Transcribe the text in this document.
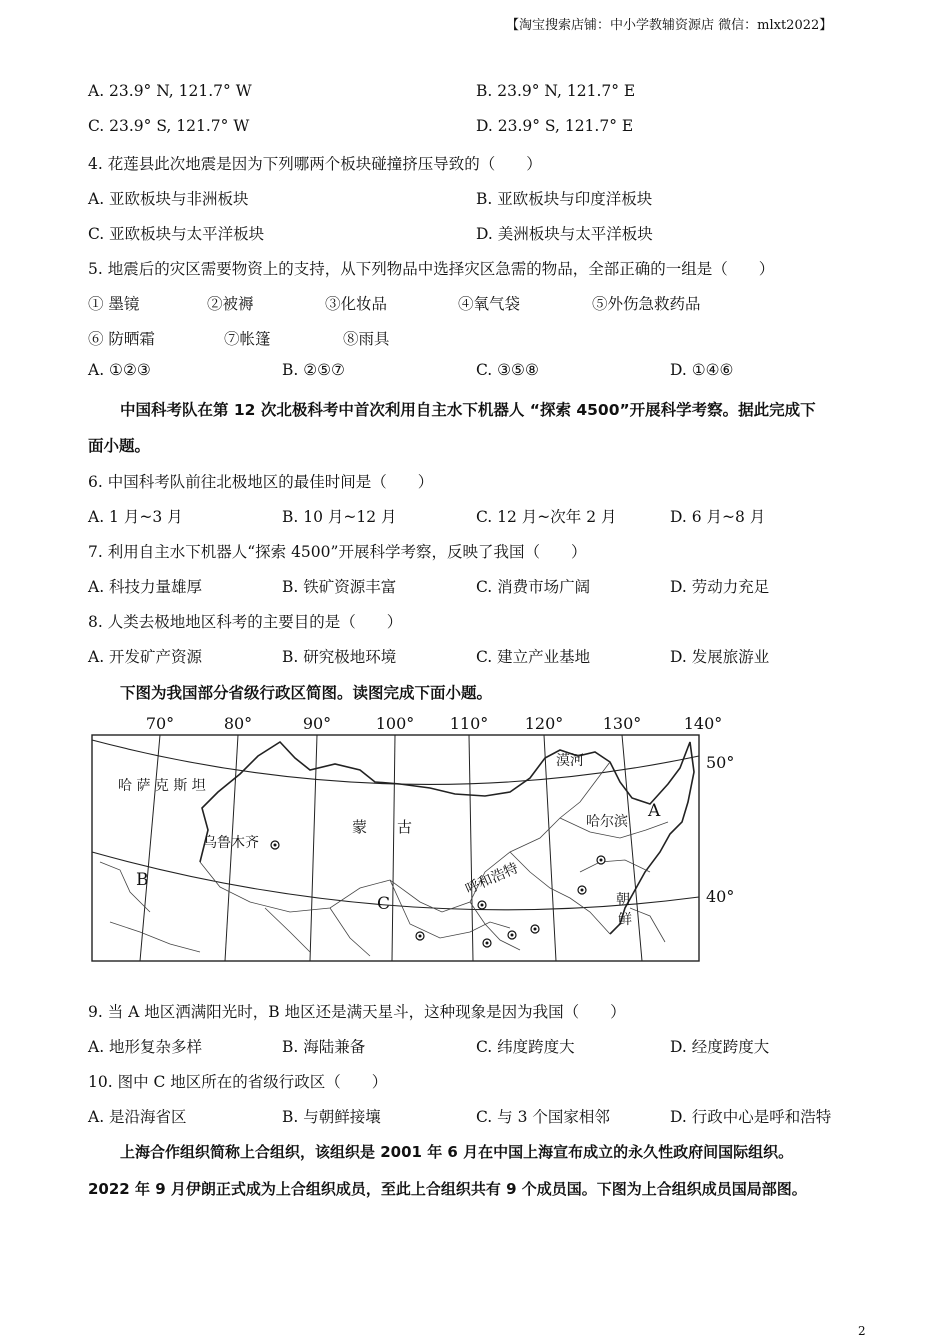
【淘宝搜索店铺：中小学教辅资源店 微信：mlxt2022】
A. 23.9° N, 121.7° W	B. 23.9° N, 121.7° E
C. 23.9° S, 121.7° W	D. 23.9° S, 121.7° E
4. 花莲县此次地震是因为下列哪两个板块碰撞挤压导致的（　　）
A. 亚欧板块与非洲板块	B. 亚欧板块与印度洋板块
C. 亚欧板块与太平洋板块	D. 美洲板块与太平洋板块
5. 地震后的灾区需要物资上的支持，从下列物品中选择灾区急需的物品，全部正确的一组是（　　）
① 墨镜	②被褥	③化妆品	④氧气袋	⑤外伤急救药品
⑥ 防晒霜	⑦帐篷	⑧雨具
A. ①②③	B. ②⑤⑦	C. ③⑤⑧	D. ①④⑥
中国科考队在第 12 次北极科考中首次利用自主水下机器人 “探索 4500”开展科学考察。据此完成下
面小题。
6. 中国科考队前往北极地区的最佳时间是（　　）
A. 1 月~3 月	B. 10 月~12 月	C. 12 月~次年 2 月	D. 6 月~8 月
7. 利用自主水下机器人“探索 4500”开展科学考察，反映了我国（　　）
A. 科技力量雄厚	B. 铁矿资源丰富	C. 消费市场广阔	D. 劳动力充足
8. 人类去极地地区科考的主要目的是（　　）
A. 开发矿产资源	B. 研究极地环境	C. 建立产业基地	D. 发展旅游业
下图为我国部分省级行政区简图。读图完成下面小题。
70°	80°	90°	100° 110° 120° 130°	140°
50°
40°
哈 萨 克 斯 坦
乌鲁木齐
蒙　　古
漠河
哈尔滨
呼和浩特
朝
鲜
A
B
C
9. 当 A 地区洒满阳光时，B 地区还是满天星斗，这种现象是因为我国（　　）
A. 地形复杂多样	B. 海陆兼备	C. 纬度跨度大	D. 经度跨度大
10. 图中 C 地区所在的省级行政区（　　）
A. 是沿海省区	B. 与朝鲜接壤	C. 与 3 个国家相邻	D. 行政中心是呼和浩特
上海合作组织简称上合组织，该组织是 2001 年 6 月在中国上海宣布成立的永久性政府间国际组织。
2022 年 9 月伊朗正式成为上合组织成员，至此上合组织共有 9 个成员国。下图为上合组织成员国局部图。
2
